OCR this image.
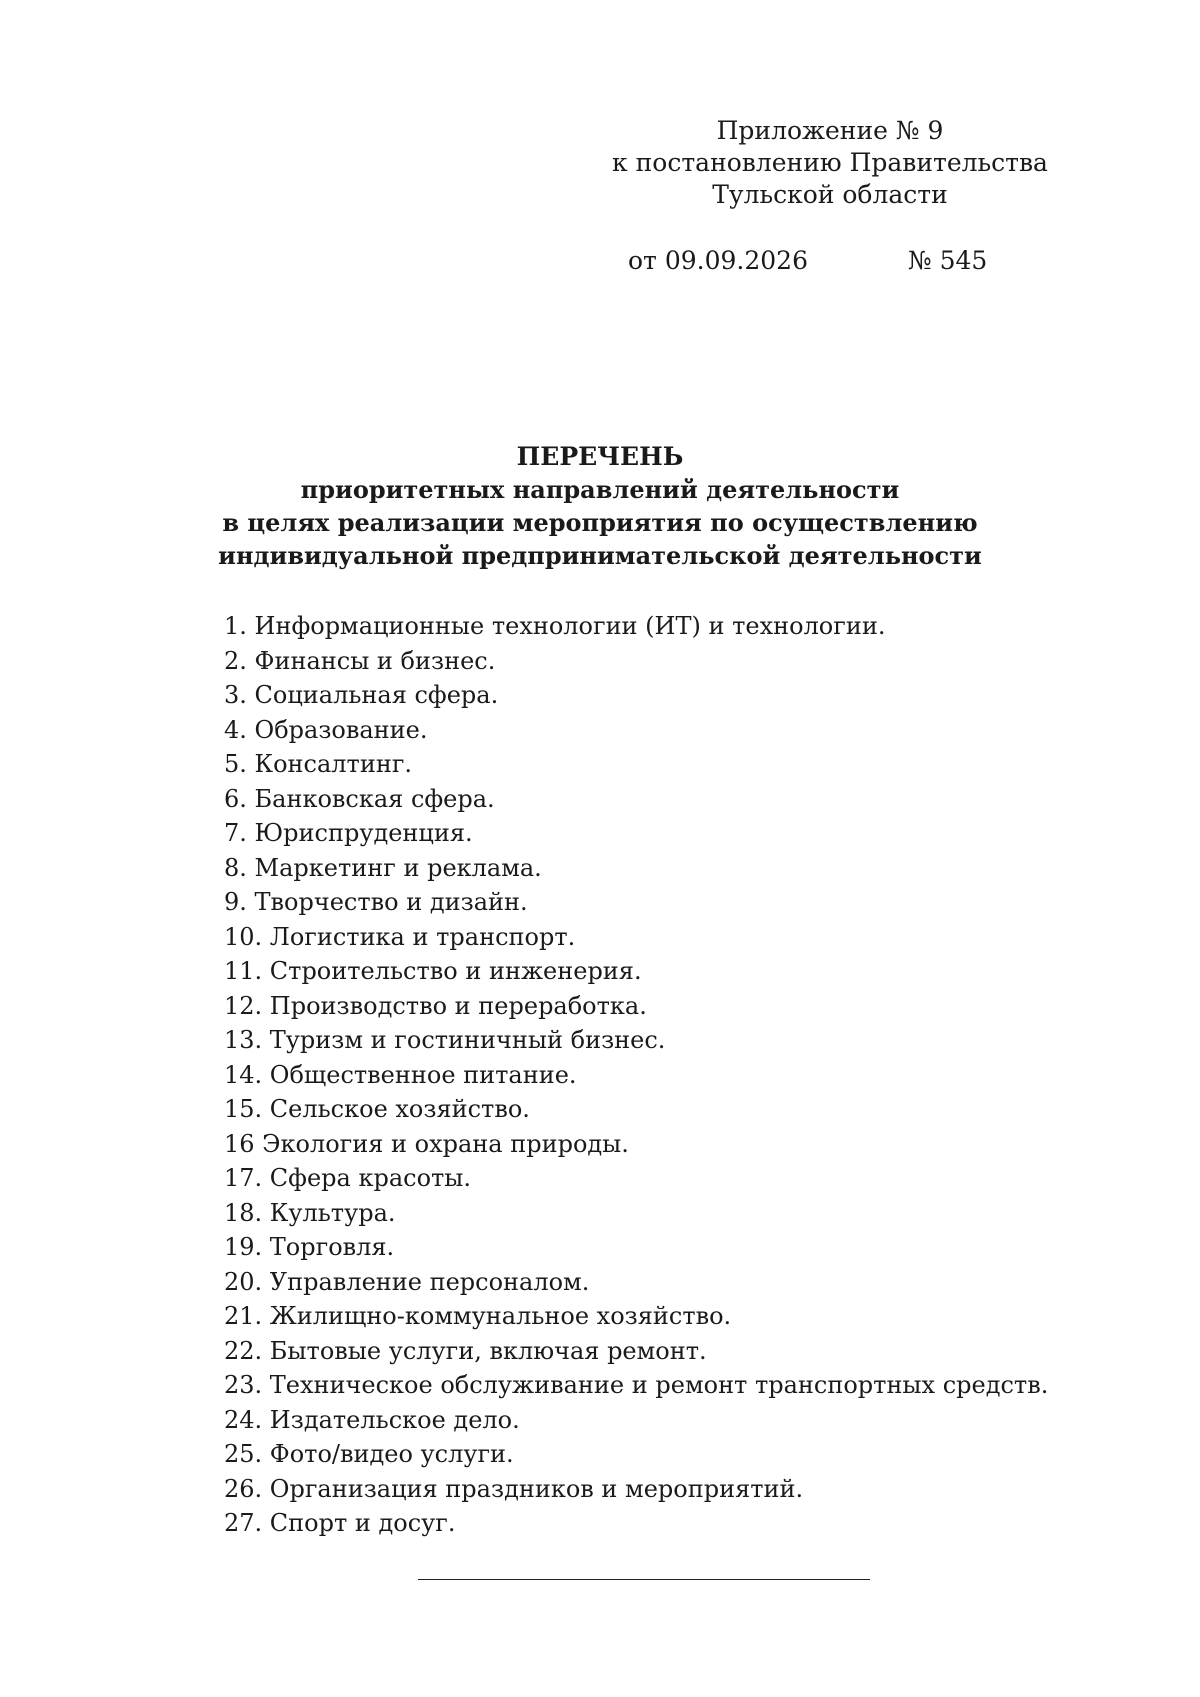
Приложение № 9
к постановлению Правительства
Тульской области
от 09.09.2026	№ 545
ПЕРЕЧЕНЬ
приоритетных направлений деятельности
в целях реализации мероприятия по осуществлению
индивидуальной предпринимательской деятельности
1. Информационные технологии (ИТ) и технологии.
2. Финансы и бизнес.
3. Социальная сфера.
4. Образование.
5. Консалтинг.
6. Банковская сфера.
7. Юриспруденция.
8. Маркетинг и реклама.
9. Творчество и дизайн.
10. Логистика и транспорт.
11. Строительство и инженерия.
12. Производство и переработка.
13. Туризм и гостиничный бизнес.
14. Общественное питание.
15. Сельское хозяйство.
16 Экология и охрана природы.
17. Сфера красоты.
18. Культура.
19. Торговля.
20. Управление персоналом.
21. Жилищно-коммунальное хозяйство.
22. Бытовые услуги, включая ремонт.
23. Техническое обслуживание и ремонт транспортных средств.
24. Издательское дело.
25. Фото/видео услуги.
26. Организация праздников и мероприятий.
27. Спорт и досуг.
